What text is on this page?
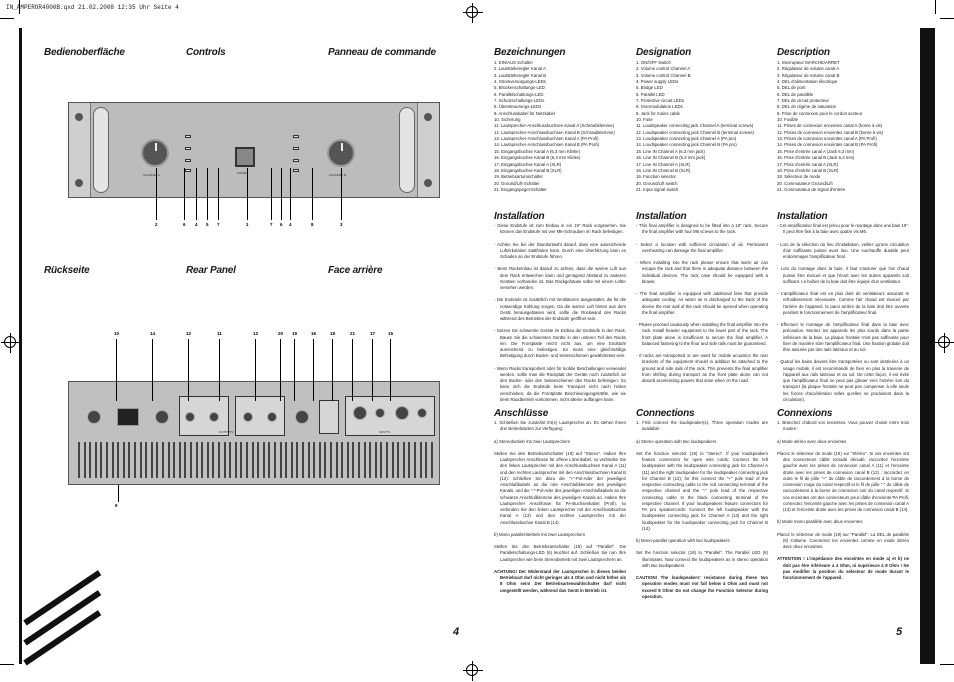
IN_AMPEROR4000B.qxd 21.02.2008 12:35 Uhr Seite 4
Bedienoberfläche	Controls	Panneau de commande	Bezeichnungen	Designation	Description
Rückseite	Rear Panel	Face arrière
Installation	Installation	Installation
Anschlüsse	Connections	Connexions
1. EIN/AUS Schalter
2. Lautstärkeregler Kanal A
3. Lautstärkeregler Kanal B
4. Stromversorgungs-LEDs
5. Brückenschaltungs-LED
6. Parallelschaltungs-LED
7. Schutzschaltungs-LEDs
8. Übersteuerungs-LEDs
9. Anschlusskabel für Netzkabel
10. Sicherung
11. Lautsprecher-Anschlussbuchsen Kanal A (Schraubklemme)
12. Lautsprecher-Anschlussbuchsen Kanal B (Schraubklemme)
13. Lautsprecher-Anschlussbuchsen Kanal A (PA Profi)
14. Lautsprecher-Anschlussbuchsen Kanal B (PA Profi)
15. Eingangsbuchse Kanal A (6,3 mm Klinke)
16. Eingangsbuchse Kanal B (6,3 mm Klinke)
17. Eingangsbuchse Kanal A (XLR)
18. Eingangsbuchse Kanal B (XLR)
19. Betriebsartumschalter
20. Ground/Lift-Schalter
21. Eingangspegel-Schalter
1. ON/OFF Switch
2. Volume control Channel A
3. Volume control Channel B
4. Power supply LEDs
5. Bridge LED
6. Parallel LED
7. Protective circuit LEDs
8. Overmodulation LEDs
9. Jack for mains cable
10. Fuse
11. Loudspeaker connecting jack Channel A (terminal screws)
12. Loudspeaker connecting jack Channel B (terminal screws)
13. Loudspeaker connecting jack Channel A (PA pro)
14. Loudspeaker connecting jack Channel B (PA pro)
15. Line IN Channel A (6.3 mm jack)
16. Line IN Channel B (6.3 mm jack)
17. Line IN Channel A (XLR)
18. Line IN Channel B (XLR)
19. Function selector
20. Ground/Lift switch
21. Input signal switch
1. Interrupteur MARCHE/ARRET
2. Régulateur de volume canal A
3. Régulateur de volume canal B
4. DEL d'alimentation électrique
5. DEL de pont
6. DEL de parallèle
7. DEL de circuit protecteur
8. DEL de régime de saturation
9. Prise de connexion pour le cordon secteur
10. Fusible
11. Prises de connexion enceintes canal A (borne à vis)
12. Prises de connexion enceintes canal B (borne à vis)
13. Prises de connexion enceintes canal A (PA Profi)
14. Prises de connexion enceintes canal B (PA Profi)
15. Prise d'entrée canal A (Jack 6,3 mm)
16. Prise d'entrée canal B (Jack 6,3 mm)
17. Prise d'entrée canal A (XLR)
18. Prise d'entrée canal B (XLR)
19. Sélecteur de mode
20. Commutateur Ground/Lift
21. Commutateur de signal d'entrée

- Diese Endstufe ist zum Einbau in ein 19" Rack vorgesehen. Sie können das Endstufe mit vier M6-Schrauben im Rack befestigen.

- Achten Sie bei der Standortwahl darauf, dass eine ausreichende Luftzirkulation stattfinden kann. Durch eine Überhitzung kann es Schaden an der Endstufe führen.

- Beim Rackeinbau ist darauf zu achten, dass die warme Luft aus dem Rack entweichen kann und genügend Abstand zu anderen Geräten vorhanden ist. Das Rackgehäuse sollte mit einem Lüfter versehen werden.

- Die Endstufe ist zusätzlich mit Ventilatoren ausgestattet, die für die notwendige Kühlung sorgen. Da die warme Luft hinten aus dem Gerät herausgeblasen wird, sollte die Rückwand des Racks während des Betriebes der Endstufe geöffnet sein.

- Setzen Sie schwerste Geräte im Einbau der Endstufe in den Rack. Bauen Sie die schwersten Geräte in den unteren Teil des Racks ein. Die Frontplatte reicht nicht aus, um eine Endstufe ausreichend zu befestigen. Es muss eine gleichmäßige Befestigung durch Boden- und Seitenschienen gewährleistet sein.

- Wenn Racks transportiert oder für mobile Beschallungen verwendet werden, sollte man die Rückplatt der Geräte noch zusätzlich an den Boden- oder den Seitenschienen des Racks befestigen. So kann sich die Endstufe beim Transport nicht nach hinten verschieben, da die Frontplatte Beschleunigungskräfte, wie sie beim Raodbetrieb vorkommen, nicht alleine auffangen kann.

- This final amplifier is designed to be fitted into a 19" rack. Secure the final amplifier with four M6 screws to the rack.

- Select a location with sufficient circulation of air. Permanent overheating can damage the final amplifier.

- When installing into the rack please ensure that warm air can escape the rack and that there is adequate distance between the individual devices. The rack case should be equipped with a blower.

- The final amplifier is equipped with additional fans that provide adequate cooling. As warm air is discharged to the back of the device the rear wall of the rack should be opened when operating the final amplifier.

- Please proceed cautiously when installing the final amplifier into the rack. Install heavier equipment to the lower part of the rack. The front plate alone is insufficient to secure the final amplifier. A balanced fastening to the floor and side rails must be guaranteed.

- If racks are transported or are used for mobile acoustics the rear brackets of the equipment should in addition be attached to the ground and side rails of the rack. This prevents the final amplifier from shifting during transport as the front plate alone can not absorb accelerating powers that arise when on the road.

- Cet amplificateur final est prévu pour le montage dans une baie 19". Il peut être fixé à la baie avec quatre vis M6.

- Lors de la sélection du lieu d'installation, veillez qu'une circulation d'air suffisante puisse avoir lieu. Une surchauffe durable peut endommager l'amplificateur final.

- Lors du montage dans la baie, il faut s'assurer que l'air chaud puisse être évacué et que l'écart avec les autres appareils soit suffisant. Le boîtier de la baie doit être équipé d'un ventilateur.

- L'amplificateur final est en plus doté de ventilateurs assurant le refroidissement nécessaire. Comme l'air chaud est évacué par l'arrière de l'appareil, la paroi arrière de la baie doit être ouverte pendant le fonctionnement de l'amplificateur final.

- Effectuer le montage de l'amplificateur final dans la baie avec précaution. Montez les appareils les plus lourds dans la partie inférieure de la baie. La plaque frontale n'est pas suffisante pour fixer de manière sûre l'amplificateur final. Une fixation globale doit être assurée par des rails latéraux et au sol.

- Quand les baies doivent être transportées ou sont destinées à un usage mobile, il est recommandé de fixer en plus la traverse de l'appareil aux rails latéraux et au sol. De cette façon, il est évité que l'amplificateur final ne peut pas glisser vers l'arrière lors du transport (la plaque frontale ne peut pas compenser à elle seule les forces d'accélération telles qu'elles se produisent dans la circulation).

1. Schließen Sie zunächst Ihr(e) Lautsprecher an. Es stehen Ihnen drei Betriebsarten zur Verfügung:

a) Stereobetrieb mit zwei Lautsprechern

Stellen Sie den Betriebsartschalter (19) auf "Stereo". Haben Ihre Lautsprecher Anschlüsse für offene Litzenkabel, so verbinden Sie den linken Lautsprecher mit den Anschlussbuchsen Kanal A (11) und den rechten Lautsprecher mit den Anschlussbuchsen Kanal B (12): schließen Sie dazu die "+"-Pol-Ader der jeweiligen Anschlußkabels an die rote Anschlußklemme des jeweiligen Kanals, und die "-"-Pol-Ader des jeweiligen Anschlußkabels an die schwarze Anschlußklemme des jeweiligen Kanals an. Haben Ihre Lautsprecher Anschlüsse für PA-Buchsenkabel (Profi), so verbinden Sie den linken Lautsprecher mit der Anschlussbuchse Kanal A (13) und den rechten Lautsprecher mit der Anschlussbuchse Kanal B (14).

b) Mono parallel-Betrieb mit zwei Lautsprechern

Stellen Sie den Betriebsartschalter (19) auf "Parallel". Die Parallelschaltungs-LED (6) leuchtet auf. Schließen Sie nun Ihre Lautsprecher wie beim Stereobetrieb mit zwei Lautsprechern an.

ACHTUNG! Der Widerstand der Lautsprecher in diesen beiden Betriebsart darf nicht geringer als 4 Ohm und nicht höher als 8 Ohm sein! Der Betriebsartenwahlschalter darf nicht umgestellt werden, während das Gerät in Betrieb ist.

1. First connect the loudspeaker(s). Three operation modes are available:

a) Stereo operation with two loudspeakers

Set the function selector (19) to "Stereo". If your loudspeakers feature connectors for open wire cords: Connect the left loudspeaker with the loudspeaker connecting jack for Channel A (11) and the right loudspeaker for the loudspeaker connecting jack for Channel B (12); for this connect the "+" pole lead of the respective connecting cable to the red connecting terminal of the respective channel and the "-" pole lead of the respective connecting cable to the black connecting terminal of the respective channel. If your loudspeakers feature connectors for PA pro speakercords: Connect the left loudspeaker with the loudspeaker connecting jack for Channel A (13) and the right loudspeaker for the loudspeaker connecting jack for Channel B (14).

b) Mono-parallel operation with two loudspeakers

Set the function selector (19) to "Parallel". The Parallel LED (6) illuminates. Now connect the loudspeakers as in stereo operation with two loudspeakers.

CAUTION! The loudspeakers' resistance during these two operation modes must not fall below 4 Ohm and must not exceed 8 Ohm! Do not change the Function Selector during operation.

1. Branchez d'abord vos enceintes. Vous pouvez choisir entre trois modes :

a) Mode stéréo avec deux enceintes

Placez le sélecteur de mode (19) sur "Stéréo". Si vos enceintes ont des connecteurs câble torsadé dénudé, raccordez l'enceinte gauche avec les prises de connexion canal A (11) et l'enceinte droite avec les prises de connexion canal B (12) ; raccordez en outre le fil de pôle "+" du câble de raccordement à la borne de connexion rouge du canal respectif et le fil de pôle "-" du câble de raccordement à la borne de connexion noir du canal respectif. Si vos enceintes ont des connecteurs pour câble d'enceinte PA Profi, connectez l'enceinte gauche avec les prises de connexion canal A (13) et l'enceinte droite avec les prises de connexion canal B (14).

b) Mode mono parallèle avec deux enceintes

Placez le sélecteur de mode (19) sur "Parallel". La DEL de parallèle (6) s'allume. Connectez les enceintes comme en mode stéréo avec deux enceintes.

ATTENTION ! L'impédance des enceintes en mode a) et b) ne doit pas être inférieure à 4 Ohm, ni supérieure à 8 Ohm ! Ne pas modifier la position du sélecteur de mode durant le fonctionnement de l'appareil.

CHANNEL A	CHANNEL B
POWER
2	6 4 5 7	1	7 6 4	8	3
OUTPUTS	INPUTS
10	14	12	11	13	20 19	16	18	21	17	15
9
4	5
